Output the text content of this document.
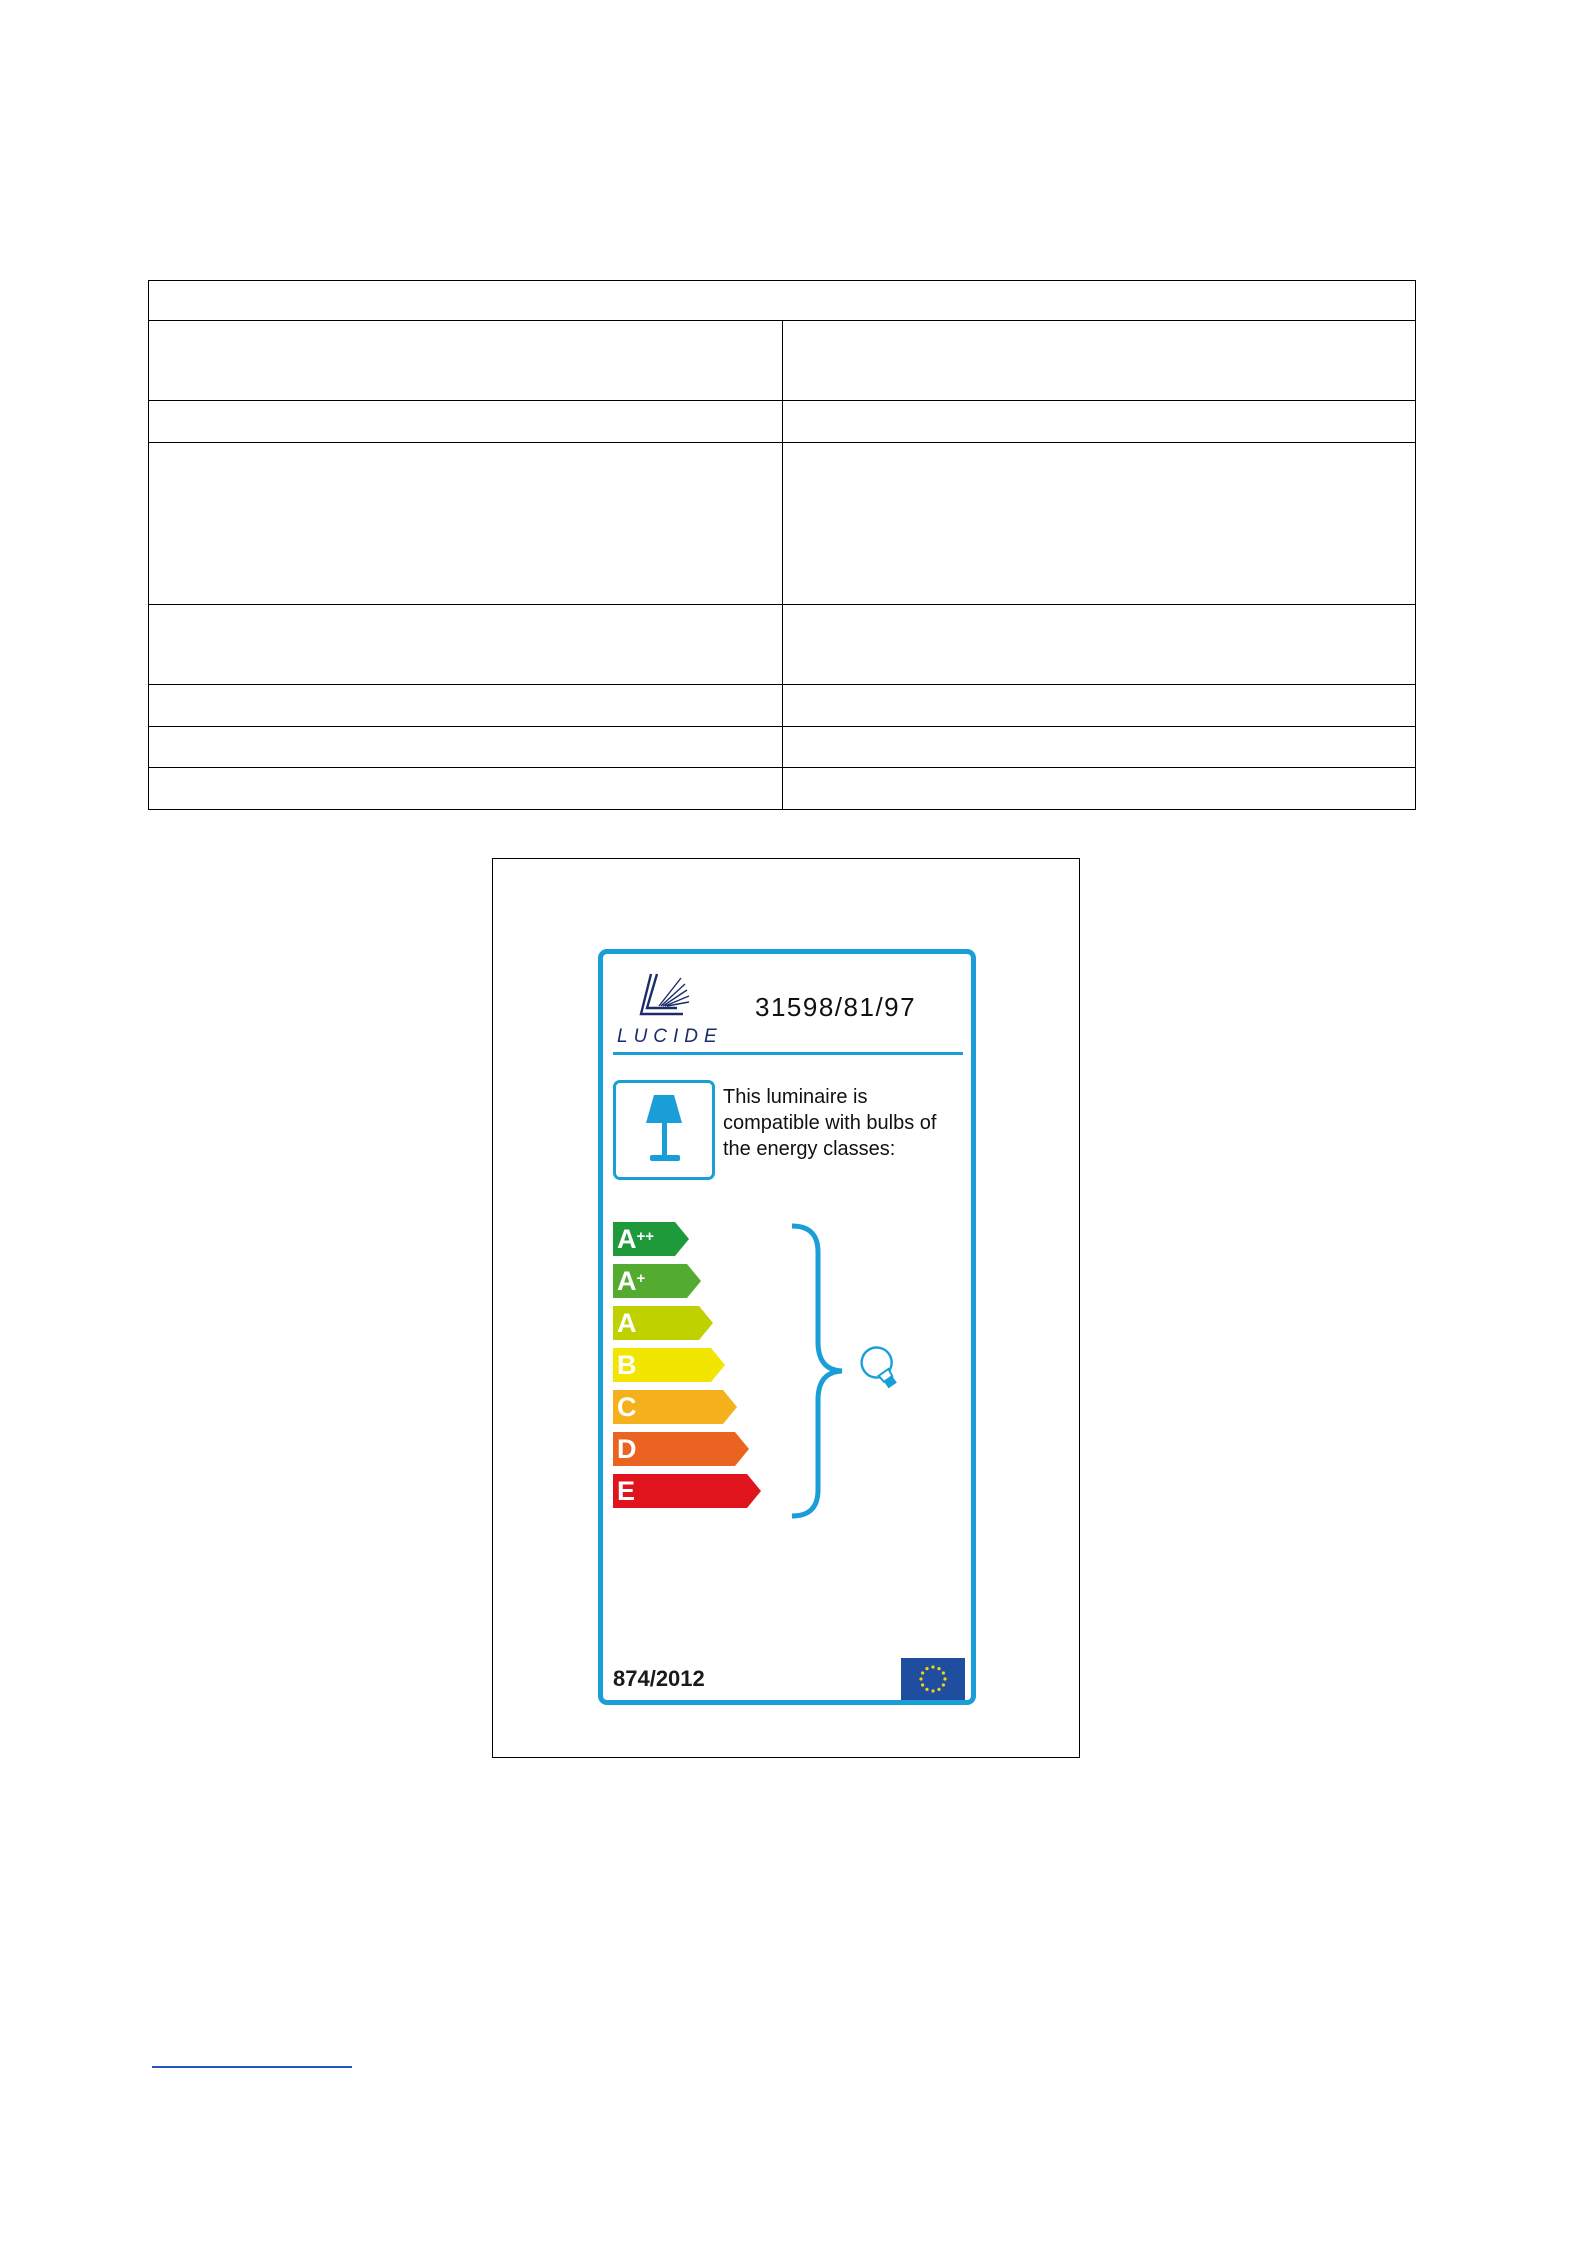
LUCIDE
31598/81/97
This luminaire is compatible with bulbs of the energy classes:
A++
A+
A
B
C
D
E
874/2012
